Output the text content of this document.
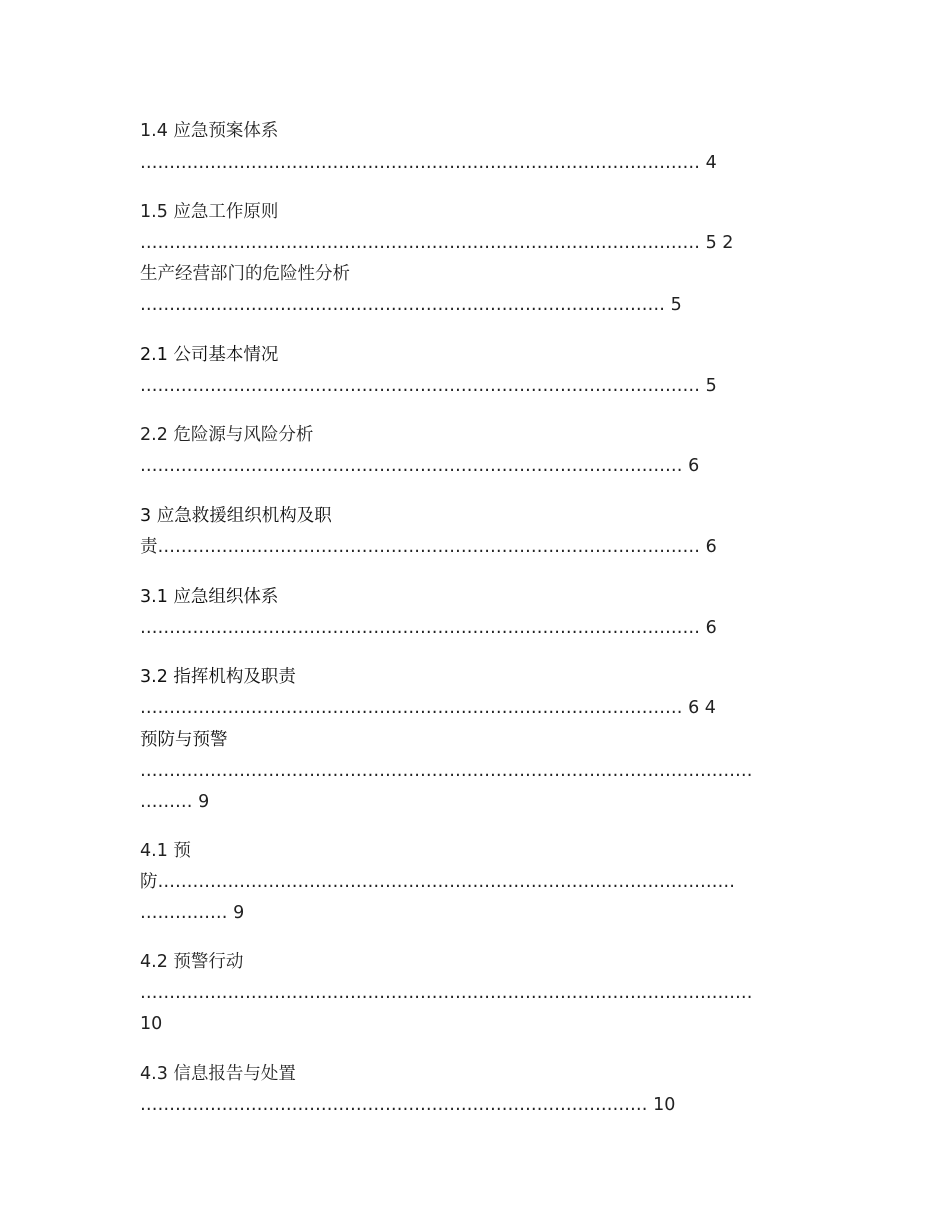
1.4 应急预案体系
…………………………………………………………………………………… 4
1.5 应急工作原则
…………………………………………………………………………………… 5 2
生产经营部门的危险性分析
……………………………………………………………………………… 5
2.1 公司基本情况
…………………………………………………………………………………… 5
2.2 危险源与风险分析
………………………………………………………………………………… 6
3 应急救援组织机构及职
责………………………………………………………………………………… 6
3.1 应急组织体系
…………………………………………………………………………………… 6
3.2 指挥机构及职责
………………………………………………………………………………… 6 4
预防与预警
……………………………………………………………………………………………
……… 9
4.1 预
防………………………………………………………………………………………
…………… 9
4.2 预警行动
……………………………………………………………………………………………
10
4.3 信息报告与处置
…………………………………………………………………………… 10
